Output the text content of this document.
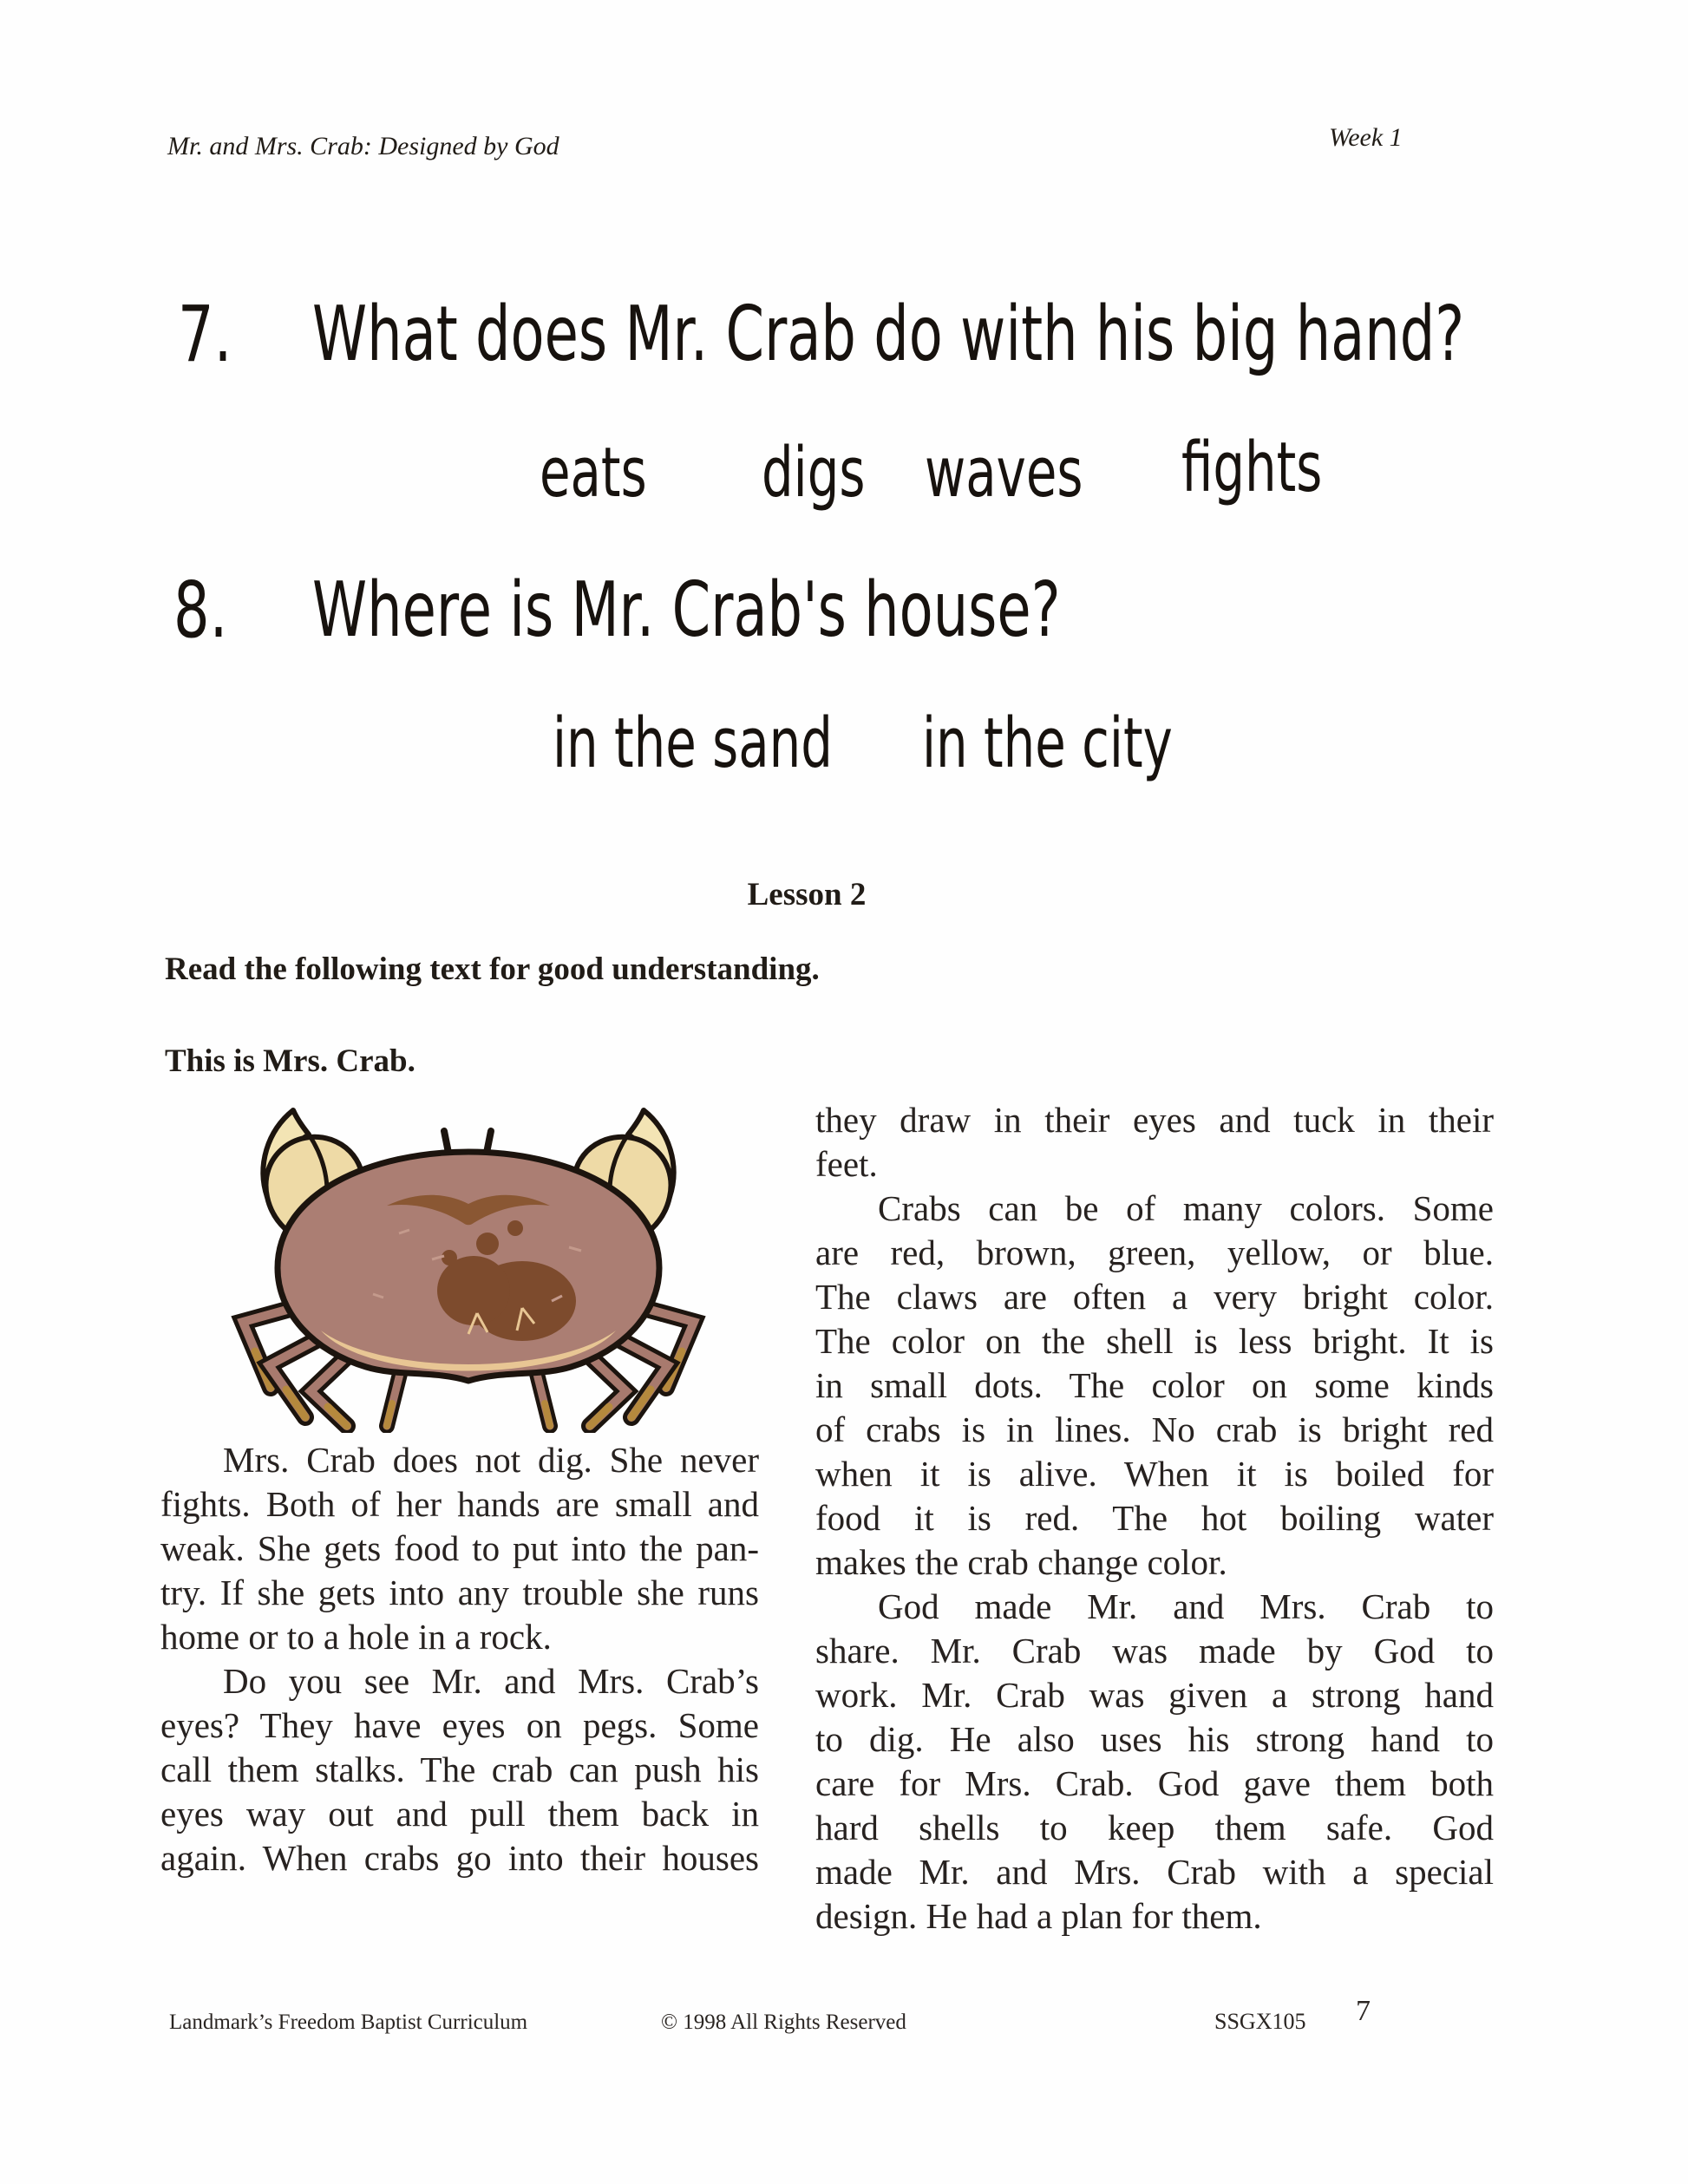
Mr. and Mrs. Crab: Designed by God	Week 1
7. What does Mr. Crab do with his big hand?
eats	digs waves	fights
8. Where is Mr. Crab's house?
in the sand	in the city
Lesson 2
Read the following text for good understanding.
This is Mrs. Crab.
Mrs. Crab does not dig. She never
fights. Both of her hands are small and
weak. She gets food to put into the pan-
try. If she gets into any trouble she runs
home or to a hole in a rock.
Do you see Mr. and Mrs. Crab’s
eyes? They have eyes on pegs. Some
call them stalks. The crab can push his
eyes way out and pull them back in
again. When crabs go into their houses
they draw in their eyes and tuck in their
feet.
Crabs can be of many colors. Some
are red, brown, green, yellow, or blue.
The claws are often a very bright color.
The color on the shell is less bright. It is
in small dots. The color on some kinds
of crabs is in lines. No crab is bright red
when it is alive. When it is boiled for
food it is red. The hot boiling water
makes the crab change color.
God made Mr. and Mrs. Crab to
share. Mr. Crab was made by God to
work. Mr. Crab was given a strong hand
to dig. He also uses his strong hand to
care for Mrs. Crab. God gave them both
hard shells to keep them safe. God
made Mr. and Mrs. Crab with a special
design. He had a plan for them.
Landmark’s Freedom Baptist Curriculum	© 1998 All Rights Reserved	SSGX105 7
